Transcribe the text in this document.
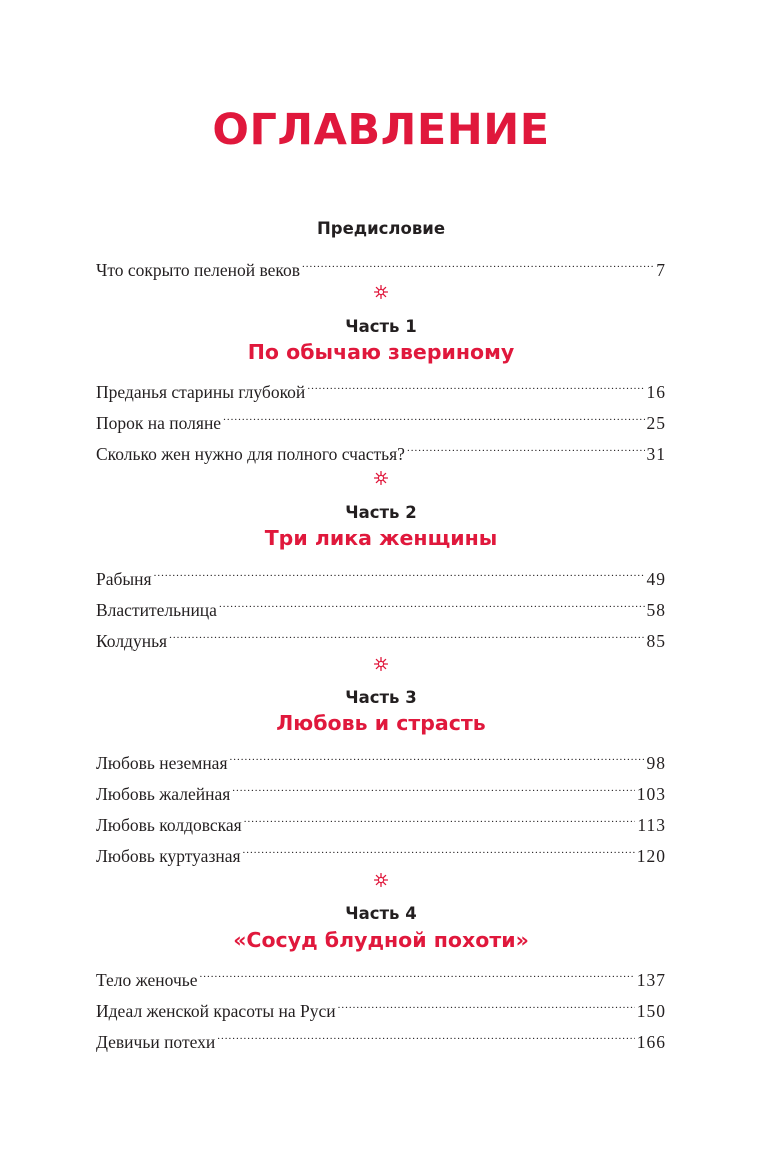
ОГЛАВЛЕНИЕ
Предисловие
Что сокрыто пеленой веков .....	7
Часть 1
По обычаю звериному
Преданья старины глубокой .....	16
Порок на поляне .....	25
Сколько жен нужно для полного счастья? .....	31
Часть 2
Три лика женщины
Рабыня .....	49
Властительница .....	58
Колдунья .....	85
Часть 3
Любовь и страсть
Любовь неземная .....	98
Любовь жалейная .....	103
Любовь колдовская .....	113
Любовь куртуазная .....	120
Часть 4
«Сосуд блудной похоти»
Тело женочье .....	137
Идеал женской красоты на Руси .....	150
Девичьи потехи .....	166
